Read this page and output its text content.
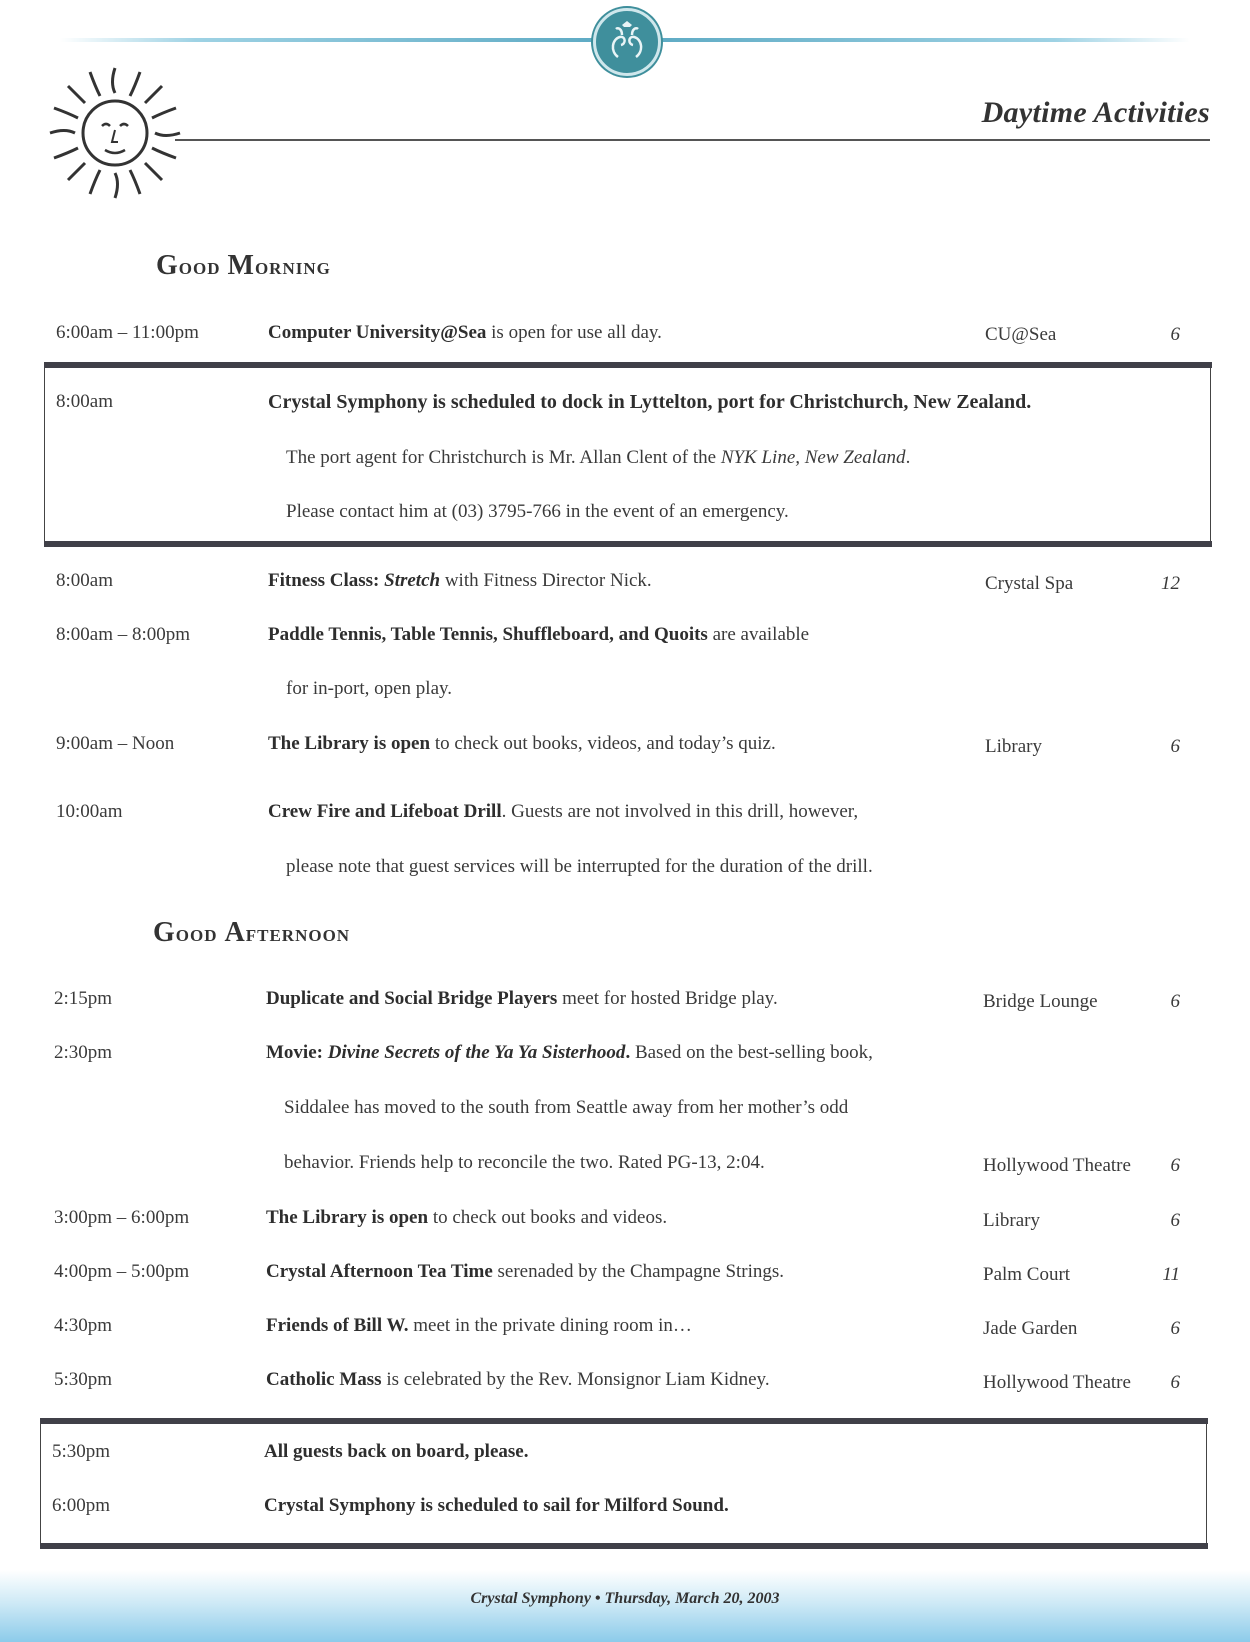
Daytime Activities
Good Morning
6:00am – 11:00pm	Computer University@Sea is open for use all day.	CU@Sea	6
8:00am	Crystal Symphony is scheduled to dock in Lyttelton, port for Christchurch, New Zealand.
The port agent for Christchurch is Mr. Allan Clent of the NYK Line, New Zealand.
Please contact him at (03) 3795-766 in the event of an emergency.
8:00am	Fitness Class: Stretch with Fitness Director Nick.	Crystal Spa	12
8:00am – 8:00pm	Paddle Tennis, Table Tennis, Shuffleboard, and Quoits are available
for in-port, open play.
9:00am – Noon	The Library is open to check out books, videos, and today’s quiz.	Library	6
10:00am	Crew Fire and Lifeboat Drill. Guests are not involved in this drill, however,
please note that guest services will be interrupted for the duration of the drill.
Good Afternoon
2:15pm	Duplicate and Social Bridge Players meet for hosted Bridge play.	Bridge Lounge	6
2:30pm	Movie: Divine Secrets of the Ya Ya Sisterhood. Based on the best-selling book,
Siddalee has moved to the south from Seattle away from her mother’s odd
behavior. Friends help to reconcile the two. Rated PG-13, 2:04.	Hollywood Theatre 6
3:00pm – 6:00pm	The Library is open to check out books and videos.	Library	6
4:00pm – 5:00pm	Crystal Afternoon Tea Time serenaded by the Champagne Strings.	Palm Court	11
4:30pm	Friends of Bill W. meet in the private dining room in…	Jade Garden	6
5:30pm	Catholic Mass is celebrated by the Rev. Monsignor Liam Kidney.	Hollywood Theatre 6
5:30pm	All guests back on board, please.
6:00pm	Crystal Symphony is scheduled to sail for Milford Sound.
Crystal Symphony • Thursday, March 20, 2003
